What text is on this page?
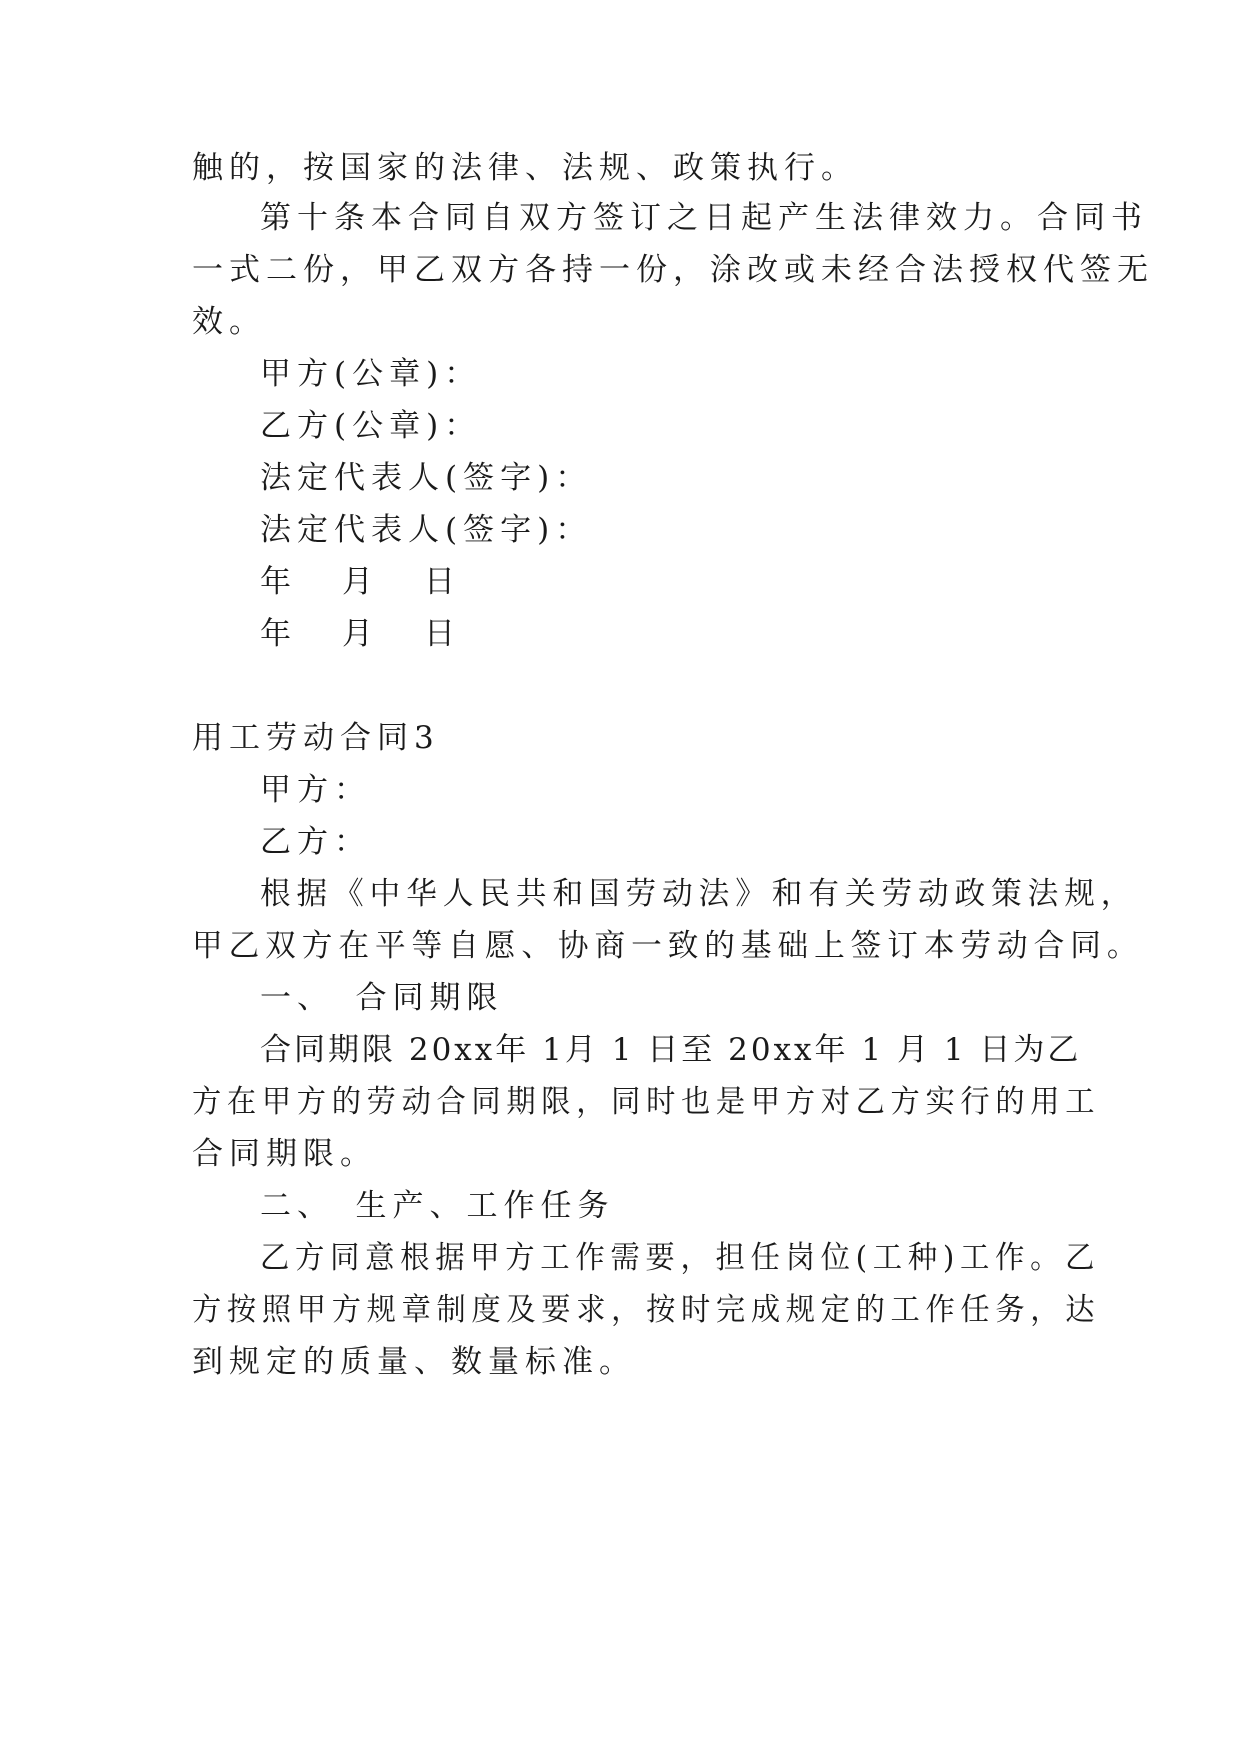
触的，按国家的法律、法规、政策执行。
第十条本合同自双方签订之日起产生法律效力。合同书
一式二份，甲乙双方各持一份，涂改或未经合法授权代签无
效。
甲方(公章)：
乙方(公章)：
法定代表人(签字)：
法定代表人(签字)：
年　月　日
年　月　日
用工劳动合同3
甲方：
乙方：
根据《中华人民共和国劳动法》和有关劳动政策法规，
甲乙双方在平等自愿、协商一致的基础上签订本劳动合同。
一、　合同期限
合同期限 20xx年 1月 1 日至 20xx年 1 月 1 日为乙
方在甲方的劳动合同期限，同时也是甲方对乙方实行的用工
合同期限。
二、　生产、工作任务
乙方同意根据甲方工作需要，担任岗位(工种)工作。乙
方按照甲方规章制度及要求，按时完成规定的工作任务，达
到规定的质量、数量标准。
